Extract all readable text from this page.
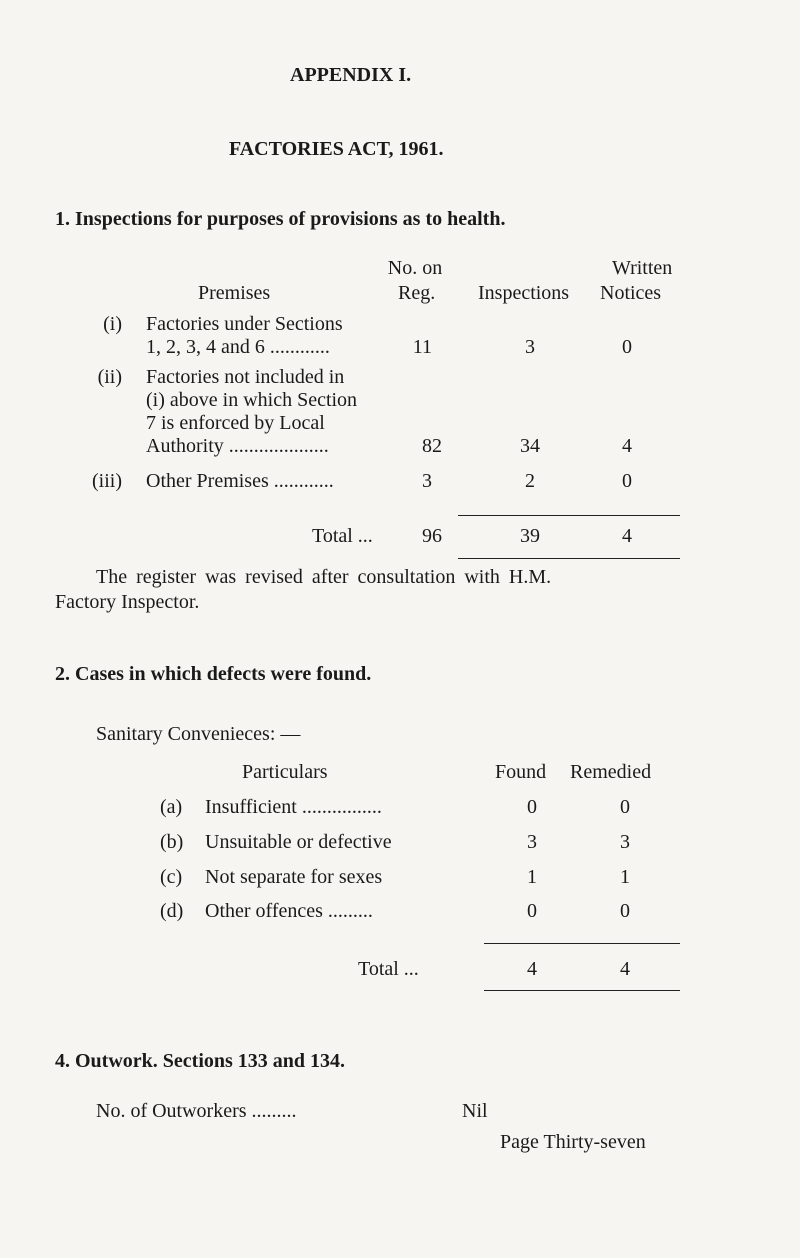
APPENDIX I.
FACTORIES ACT, 1961.
1. Inspections for purposes of provisions as to health.
Premises
No. on
Reg. Inspections
Written
Notices
(i) Factories under Sections
1, 2, 3, 4 and 6 ............	11	3	0
(ii) Factories not included in
(i) above in which Section
7 is enforced by Local
Authority ....................	82	34	4
(iii) Other Premises ............	3	2	0
Total ...	96	39	4
The register was revised after consultation with H.M.
Factory Inspector.
2. Cases in which defects were found.
Sanitary Convenieces: —
Particulars	Found Remedied
(a) Insufficient ................	0	0
(b) Unsuitable or defective	3	3
(c) Not separate for sexes	1	1
(d) Other offences .........	0	0
Total ...	4	4
4. Outwork. Sections 133 and 134.
No. of Outworkers .........	Nil
Page Thirty-seven
